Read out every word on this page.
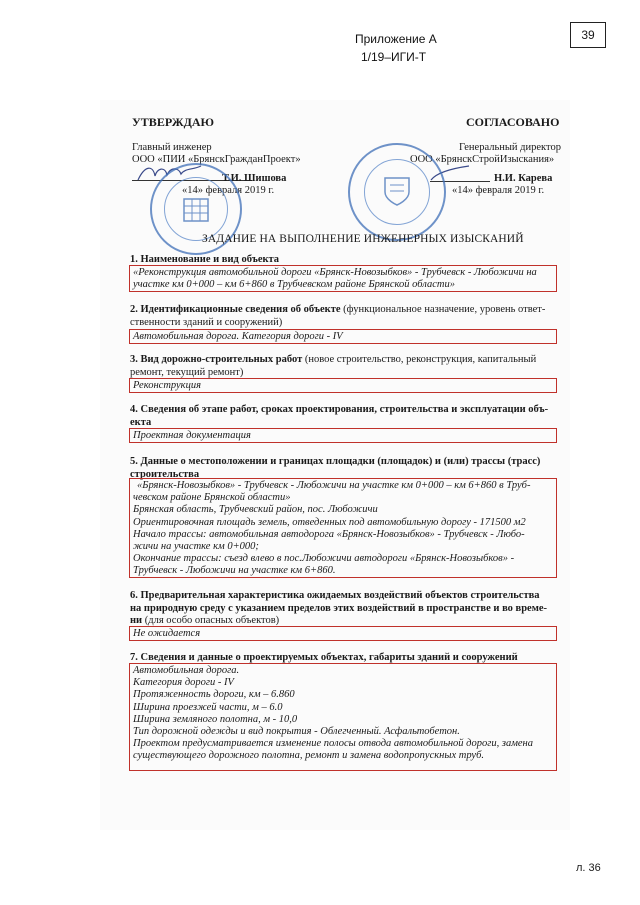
Приложение А
1/19–ИГИ-Т
39
УТВЕРЖДАЮ
Главный инженер
ООО «ПИИ «БрянскГражданПроект»
Т.И. Шишова
«14» февраля 2019 г.
СОГЛАСОВАНО
Генеральный директор
ООО «БрянскСтройИзыскания»
Н.И. Карева
«14» февраля 2019 г.
ЗАДАНИЕ НА ВЫПОЛНЕНИЕ ИНЖЕНЕРНЫХ ИЗЫСКАНИЙ
1. Наименование и вид объекта
«Реконструкция автомобильной дороги «Брянск-Новозыбков» - Трубчевск - Любожичи на
участке км 0+000 – км 6+860 в Трубчевском районе Брянской области»
2. Идентификационные сведения об объекте (функциональное назначение, уровень ответ-
ственности зданий и сооружений)
Автомобильная дорога. Категория дороги - IV
3. Вид дорожно-строительных работ (новое строительство, реконструкция, капитальный
ремонт, текущий ремонт)
Реконструкция
4. Сведения об этапе работ, сроках проектирования, строительства и эксплуатации объ-
екта
Проектная документация
5. Данные о местоположении и границах площадки (площадок) и (или) трассы (трасс)
строительства
«Брянск-Новозыбков» - Трубчевск - Любожичи на участке км 0+000 – км 6+860 в Труб-
чевском районе Брянской области»
Брянская область, Трубчевский район, пос. Любожичи
Ориентировочная площадь земель, отведенных под автомобильную дорогу - 171500 м2
Начало трассы: автомобильная автодорога «Брянск-Новозыбков» - Трубчевск - Любо-
жичи на участке км 0+000;
Окончание трассы: съезд влево в пос.Любожичи автодороги «Брянск-Новозыбков» -
Трубчевск - Любожичи на участке км 6+860.
6. Предварительная характеристика ожидаемых воздействий объектов строительства
на природную среду с указанием пределов этих воздействий в пространстве и во време-
ни (для особо опасных объектов)
Не ожидается
7. Сведения и данные о проектируемых объектах, габариты зданий и сооружений
Автомобильная дорога.
Категория дороги - IV
Протяженность дороги, км – 6.860
Ширина проезжей части, м – 6.0
Ширина земляного полотна, м - 10,0
Тип дорожной одежды и вид покрытия - Облегченный. Асфальтобетон.
Проектом предусматривается изменение полосы отвода автомобильной дороги, замена
существующего дорожного полотна, ремонт и замена водопропускных труб.
л. 36
